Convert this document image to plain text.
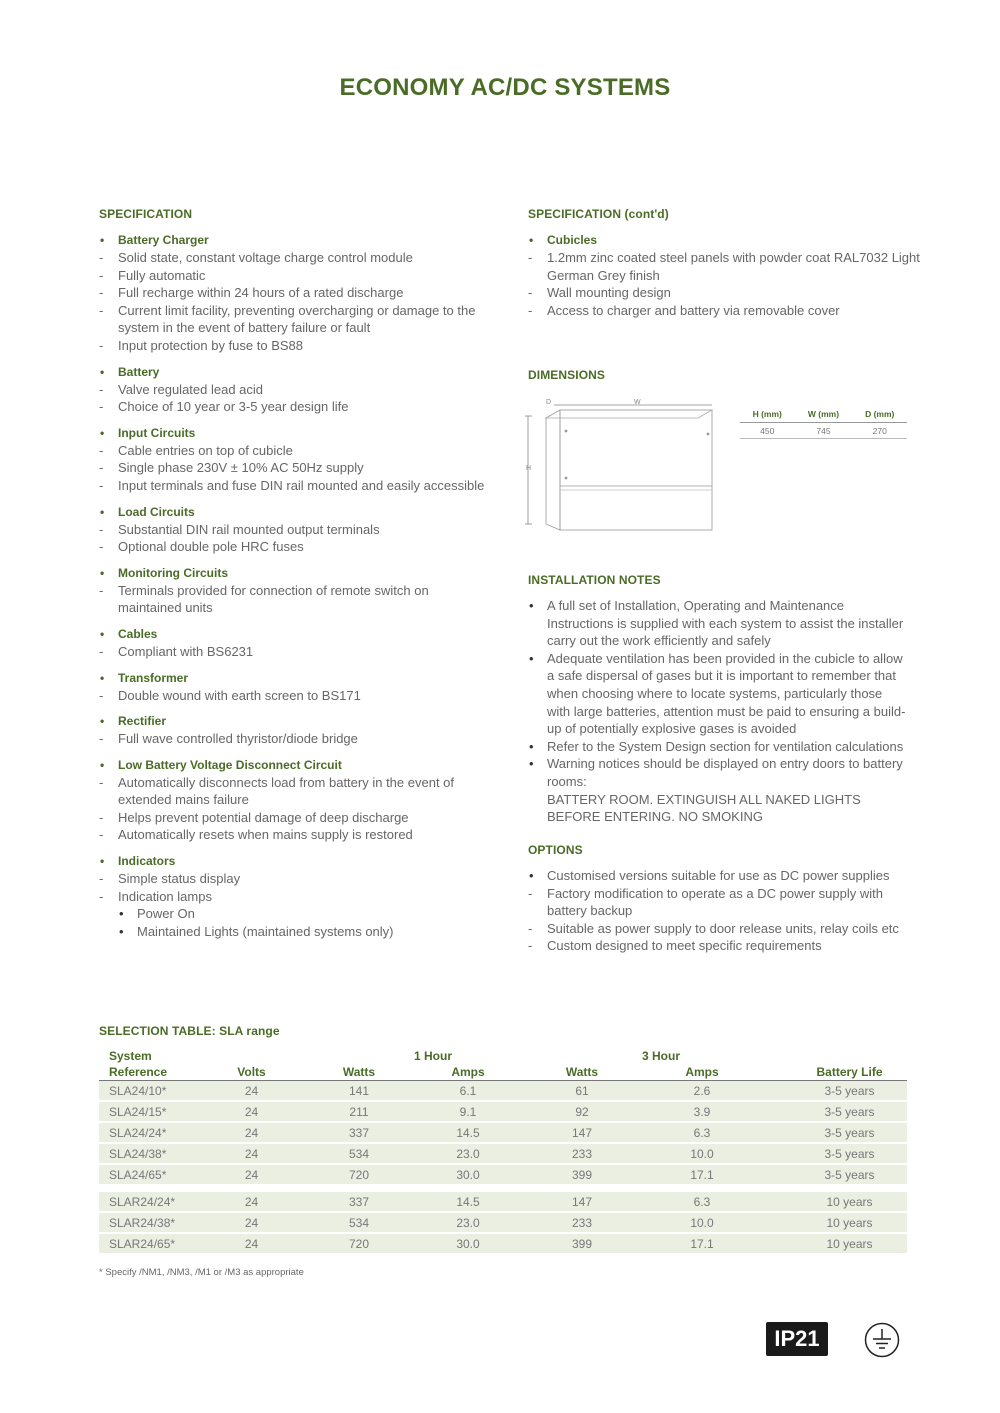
ECONOMY AC/DC SYSTEMS
SPECIFICATION
• Battery Charger
- Solid state, constant voltage charge control module
- Fully automatic
- Full recharge within 24 hours of a rated discharge
- Current limit facility, preventing overcharging or damage to the system in the event of battery failure or fault
- Input protection by fuse to BS88
• Battery
- Valve regulated lead acid
- Choice of 10 year or 3-5 year design life
• Input Circuits
- Cable entries on top of cubicle
- Single phase 230V ± 10% AC 50Hz supply
- Input terminals and fuse DIN rail mounted and easily accessible
• Load Circuits
- Substantial DIN rail mounted output terminals
- Optional double pole HRC fuses
• Monitoring Circuits
- Terminals provided for connection of remote switch on maintained units
• Cables
- Compliant with BS6231
• Transformer
- Double wound with earth screen to BS171
• Rectifier
- Full wave controlled thyristor/diode bridge
• Low Battery Voltage Disconnect Circuit
- Automatically disconnects load from battery in the event of extended mains failure
- Helps prevent potential damage of deep discharge
- Automatically resets when mains supply is restored
• Indicators
- Simple status display
- Indication lamps
• Power On
• Maintained Lights (maintained systems only)
SPECIFICATION (cont'd)
• Cubicles
- 1.2mm zinc coated steel panels with powder coat RAL7032 Light German Grey finish
- Wall mounting design
- Access to charger and battery via removable cover
DIMENSIONS
D	W
H
H (mm)	W (mm)	D (mm)
450	745	270
INSTALLATION NOTES
• A full set of Installation, Operating and Maintenance Instructions is supplied with each system to assist the installer carry out the work efficiently and safely
• Adequate ventilation has been provided in the cubicle to allow a safe dispersal of gases but it is important to remember that when choosing where to locate systems, particularly those with large batteries, attention must be paid to ensuring a build-up of potentially explosive gases is avoided
• Refer to the System Design section for ventilation calculations
• Warning notices should be displayed on entry doors to battery rooms:
BATTERY ROOM. EXTINGUISH ALL NAKED LIGHTS BEFORE ENTERING. NO SMOKING
OPTIONS
• Customised versions suitable for use as DC power supplies
- Factory modification to operate as a DC power supply with battery backup
- Suitable as power supply to door release units, relay coils etc
- Custom designed to meet specific requirements
SELECTION TABLE: SLA range
System			1 Hour		3 Hour	
Reference	Volts	Watts	Amps	Watts	Amps	Battery Life
SLA24/10*	24	141	6.1	61	2.6	3-5 years
SLA24/15*	24	211	9.1	92	3.9	3-5 years
SLA24/24*	24	337	14.5	147	6.3	3-5 years
SLA24/38*	24	534	23.0	233	10.0	3-5 years
SLA24/65*	24	720	30.0	399	17.1	3-5 years

SLAR24/24*	24	337	14.5	147	6.3	10 years
SLAR24/38*	24	534	23.0	233	10.0	10 years
SLAR24/65*	24	720	30.0	399	17.1	10 years
* Specify /NM1, /NM3, /M1 or /M3 as appropriate
IP21
